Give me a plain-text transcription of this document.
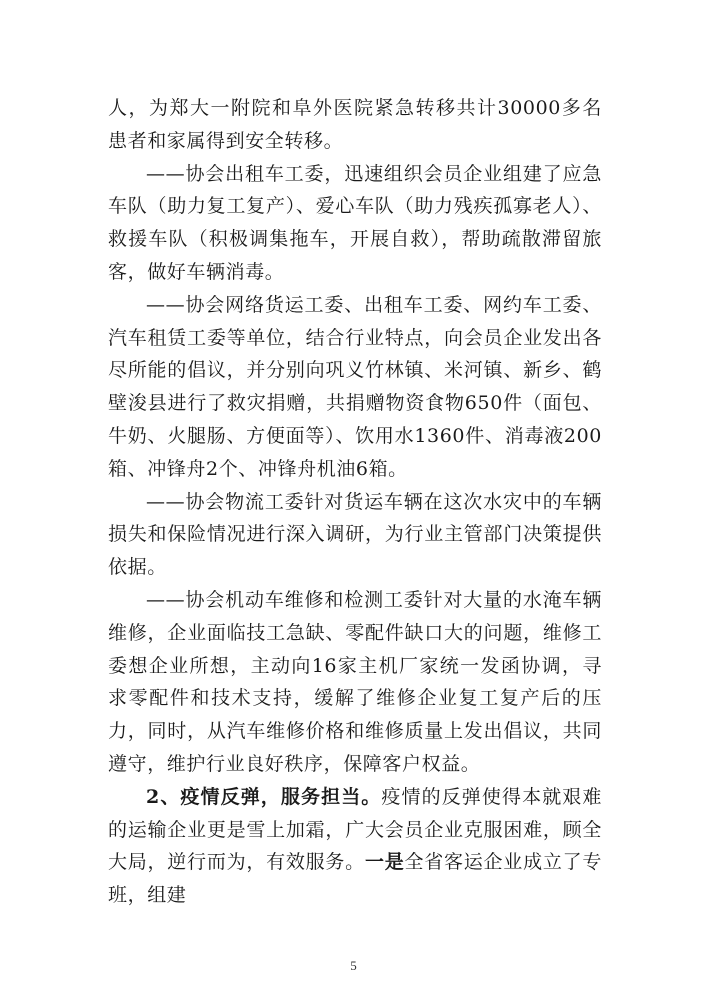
人，为郑大一附院和阜外医院紧急转移共计30000多名患者和家属得到安全转移。

——协会出租车工委，迅速组织会员企业组建了应急车队（助力复工复产）、爱心车队（助力残疾孤寡老人）、救援车队（积极调集拖车，开展自救），帮助疏散滞留旅客，做好车辆消毒。

——协会网络货运工委、出租车工委、网约车工委、汽车租赁工委等单位，结合行业特点，向会员企业发出各尽所能的倡议，并分别向巩义竹林镇、米河镇、新乡、鹤壁浚县进行了救灾捐赠，共捐赠物资食物650件（面包、牛奶、火腿肠、方便面等）、饮用水1360件、消毒液200箱、冲锋舟2个、冲锋舟机油6箱。

——协会物流工委针对货运车辆在这次水灾中的车辆损失和保险情况进行深入调研，为行业主管部门决策提供依据。

——协会机动车维修和检测工委针对大量的水淹车辆维修，企业面临技工急缺、零配件缺口大的问题，维修工委想企业所想，主动向16家主机厂家统一发函协调，寻求零配件和技术支持，缓解了维修企业复工复产后的压力，同时，从汽车维修价格和维修质量上发出倡议，共同遵守，维护行业良好秩序，保障客户权益。

2、疫情反弹，服务担当。疫情的反弹使得本就艰难的运输企业更是雪上加霜，广大会员企业克服困难，顾全大局，逆行而为，有效服务。一是全省客运企业成立了专班，组建

5
